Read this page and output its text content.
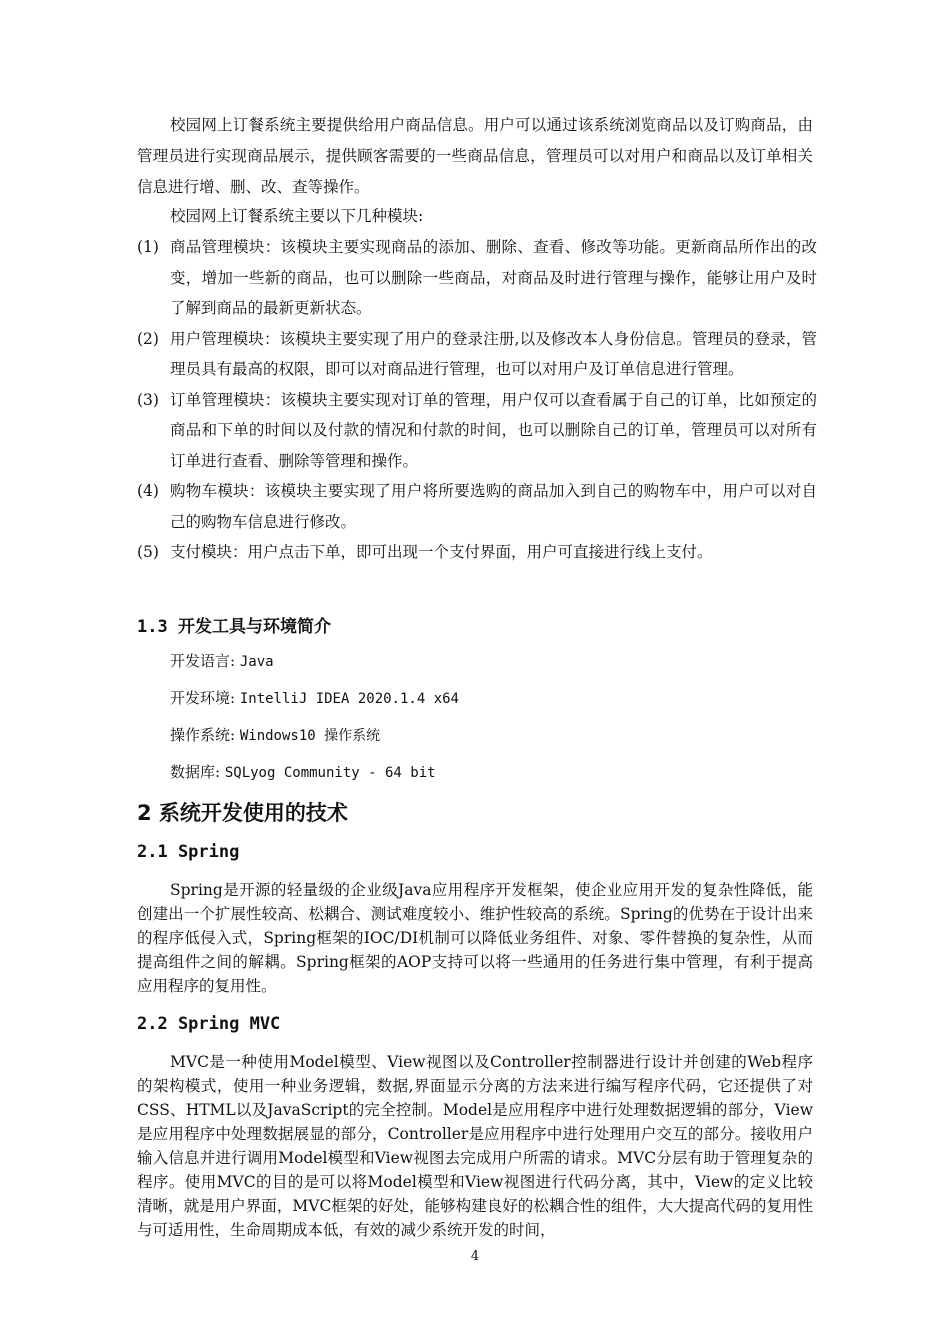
校园网上订餐系统主要提供给用户商品信息。用户可以通过该系统浏览商品以及订购商品，由管理员进行实现商品展示，提供顾客需要的一些商品信息，管理员可以对用户和商品以及订单相关信息进行增、删、改、查等操作。

校园网上订餐系统主要以下几种模块:

(1) 商品管理模块：该模块主要实现商品的添加、删除、查看、修改等功能。更新商品所作出的改变，增加一些新的商品，也可以删除一些商品，对商品及时进行管理与操作，能够让用户及时了解到商品的最新更新状态。
(2) 用户管理模块：该模块主要实现了用户的登录注册,以及修改本人身份信息。管理员的登录，管理员具有最高的权限，即可以对商品进行管理，也可以对用户及订单信息进行管理。
(3) 订单管理模块：该模块主要实现对订单的管理，用户仅可以查看属于自己的订单，比如预定的商品和下单的时间以及付款的情况和付款的时间，也可以删除自己的订单，管理员可以对所有订单进行查看、删除等管理和操作。
(4) 购物车模块：该模块主要实现了用户将所要选购的商品加入到自己的购物车中，用户可以对自己的购物车信息进行修改。
(5) 支付模块：用户点击下单，即可出现一个支付界面，用户可直接进行线上支付。
1.3 开发工具与环境简介

开发语言: Java

开发环境: IntelliJ IDEA 2020.1.4 x64

操作系统: Windows10 操作系统

数据库: SQLyog Community - 64 bit

2 系统开发使用的技术
2.1 Spring

Spring是开源的轻量级的企业级Java应用程序开发框架，使企业应用开发的复杂性降低，能创建出一个扩展性较高、松耦合、测试难度较小、维护性较高的系统。Spring的优势在于设计出来的程序低侵入式，Spring框架的IOC/DI机制可以降低业务组件、对象、零件替换的复杂性，从而提高组件之间的解耦。Spring框架的AOP支持可以将一些通用的任务进行集中管理，有利于提高应用程序的复用性。

2.2 Spring MVC

MVC是一种使用Model模型、View视图以及Controller控制器进行设计并创建的Web程序的架构模式，使用一种业务逻辑，数据,界面显示分离的方法来进行编写程序代码，它还提供了对CSS、HTML以及JavaScript的完全控制。Model是应用程序中进行处理数据逻辑的部分，View是应用程序中处理数据展显的部分，Controller是应用程序中进行处理用户交互的部分。接收用户输入信息并进行调用Model模型和View视图去完成用户所需的请求。MVC分层有助于管理复杂的程序。使用MVC的目的是可以将Model模型和View视图进行代码分离，其中，View的定义比较清晰，就是用户界面，MVC框架的好处，能够构建良好的松耦合性的组件，大大提高代码的复用性与可适用性，生命周期成本低，有效的减少系统开发的时间，

4
